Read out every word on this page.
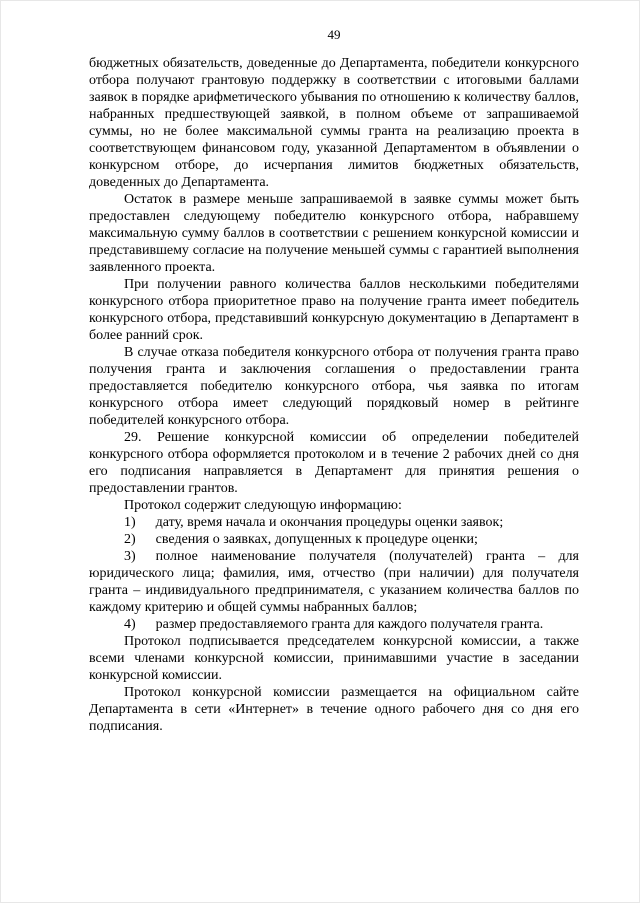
49

бюджетных обязательств, доведенные до Департамента, победители конкурсного отбора получают грантовую поддержку в соответствии с итоговыми баллами заявок в порядке арифметического убывания по отношению к количеству баллов, набранных предшествующей заявкой, в полном объеме от запрашиваемой суммы, но не более максимальной суммы гранта на реализацию проекта в соответствующем финансовом году, указанной Департаментом в объявлении о конкурсном отборе, до исчерпания лимитов бюджетных обязательств, доведенных до Департамента.

Остаток в размере меньше запрашиваемой в заявке суммы может быть предоставлен следующему победителю конкурсного отбора, набравшему максимальную сумму баллов в соответствии с решением конкурсной комиссии и представившему согласие на получение меньшей суммы с гарантией выполнения заявленного проекта.

При получении равного количества баллов несколькими победителями конкурсного отбора приоритетное право на получение гранта имеет победитель конкурсного отбора, представивший конкурсную документацию в Департамент в более ранний срок.

В случае отказа победителя конкурсного отбора от получения гранта право получения гранта и заключения соглашения о предоставлении гранта предоставляется победителю конкурсного отбора, чья заявка по итогам конкурсного отбора имеет следующий порядковый номер в рейтинге победителей конкурсного отбора.

29. Решение конкурсной комиссии об определении победителей конкурсного отбора оформляется протоколом и в течение 2 рабочих дней со дня его подписания направляется в Департамент для принятия решения о предоставлении грантов.

Протокол содержит следующую информацию:

1) дату, время начала и окончания процедуры оценки заявок;

2) сведения о заявках, допущенных к процедуре оценки;

3) полное наименование получателя (получателей) гранта – для юридического лица; фамилия, имя, отчество (при наличии) для получателя гранта – индивидуального предпринимателя, с указанием количества баллов по каждому критерию и общей суммы набранных баллов;

4) размер предоставляемого гранта для каждого получателя гранта.

Протокол подписывается председателем конкурсной комиссии, а также всеми членами конкурсной комиссии, принимавшими участие в заседании конкурсной комиссии.

Протокол конкурсной комиссии размещается на официальном сайте Департамента в сети «Интернет» в течение одного рабочего дня со дня его подписания.
